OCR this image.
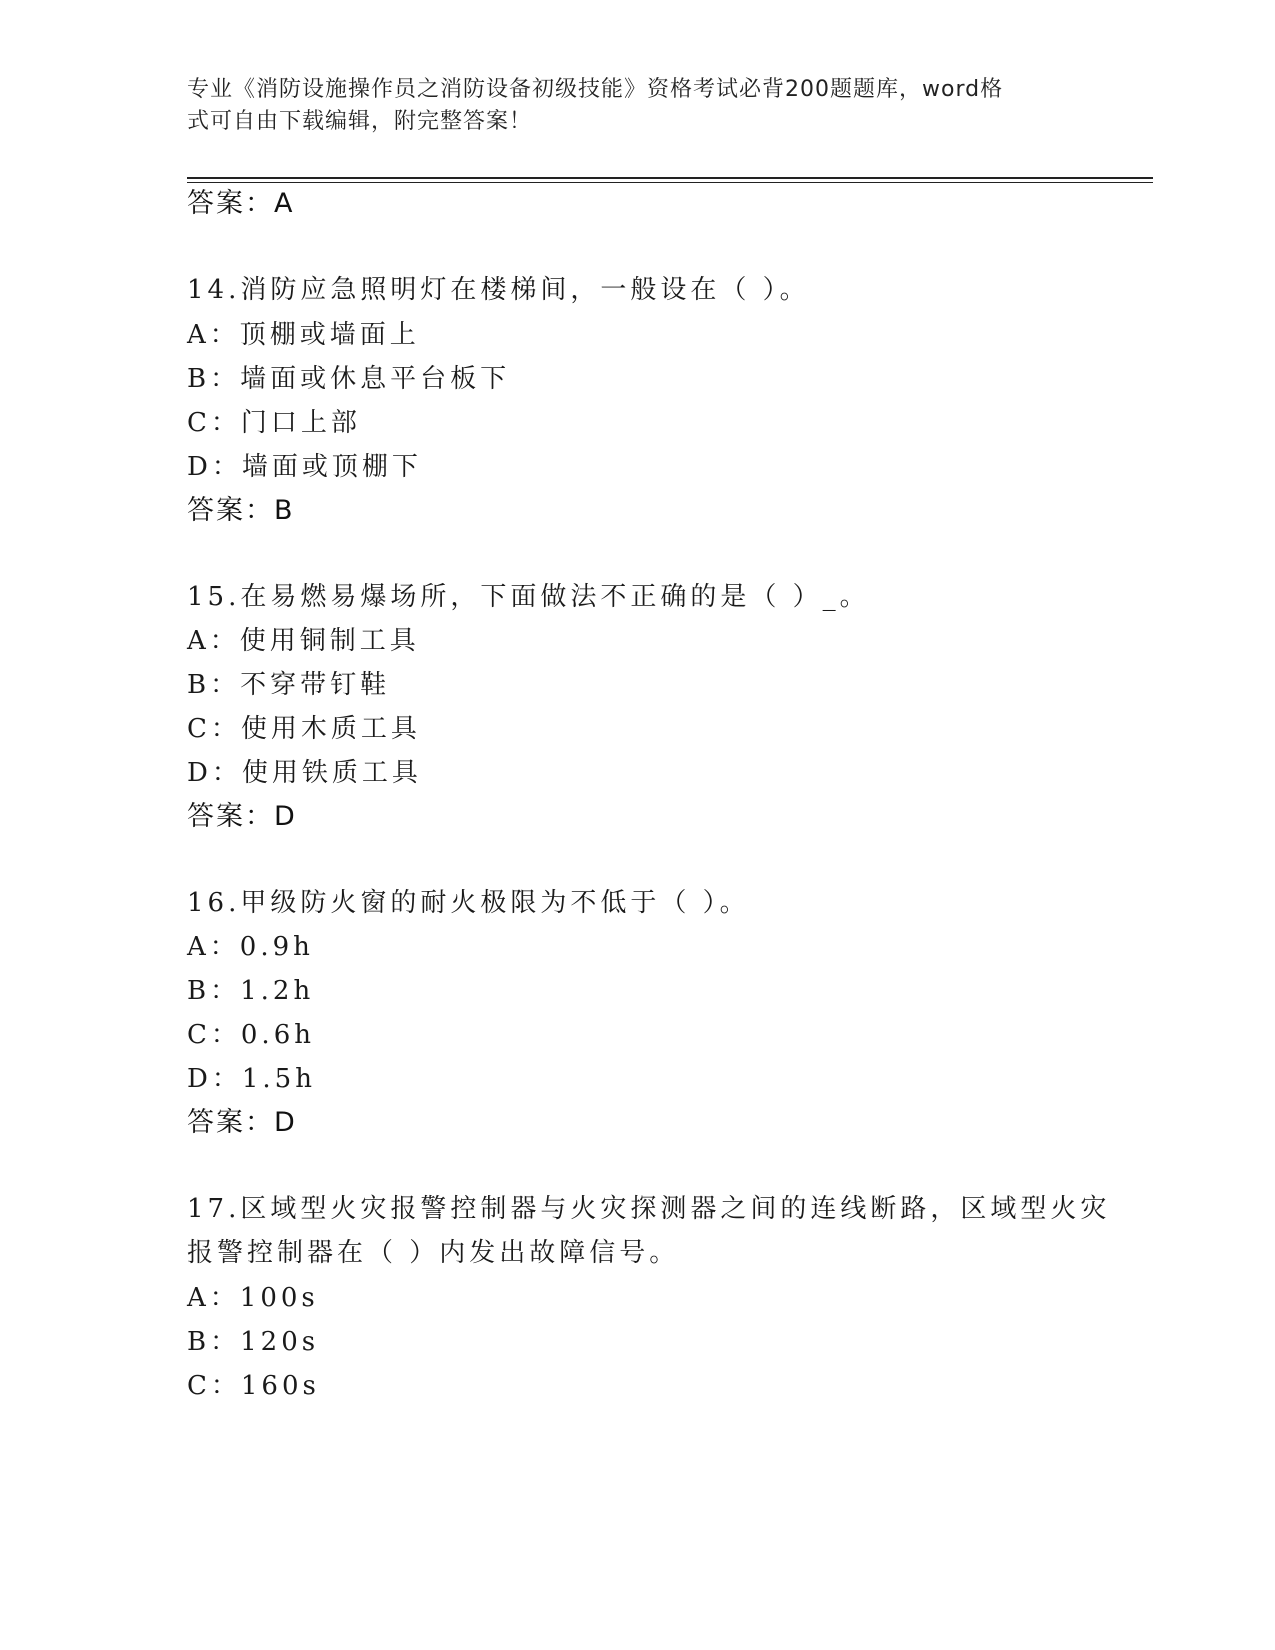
专业《消防设施操作员之消防设备初级技能》资格考试必背200题题库，word格
式可自由下载编辑，附完整答案！
答案：A
14.消防应急照明灯在楼梯间，一般设在（ ）。
A：顶棚或墙面上
B：墙面或休息平台板下
C：门口上部
D：墙面或顶棚下
答案：B
15.在易燃易爆场所，下面做法不正确的是（ ）_。
A：使用铜制工具
B：不穿带钉鞋
C：使用木质工具
D：使用铁质工具
答案：D
16.甲级防火窗的耐火极限为不低于（ ）。
A：0.9h
B：1.2h
C：0.6h
D：1.5h
答案：D
17.区域型火灾报警控制器与火灾探测器之间的连线断路，区域型火灾
报警控制器在（ ）内发出故障信号。
A：100s
B：120s
C：160s
